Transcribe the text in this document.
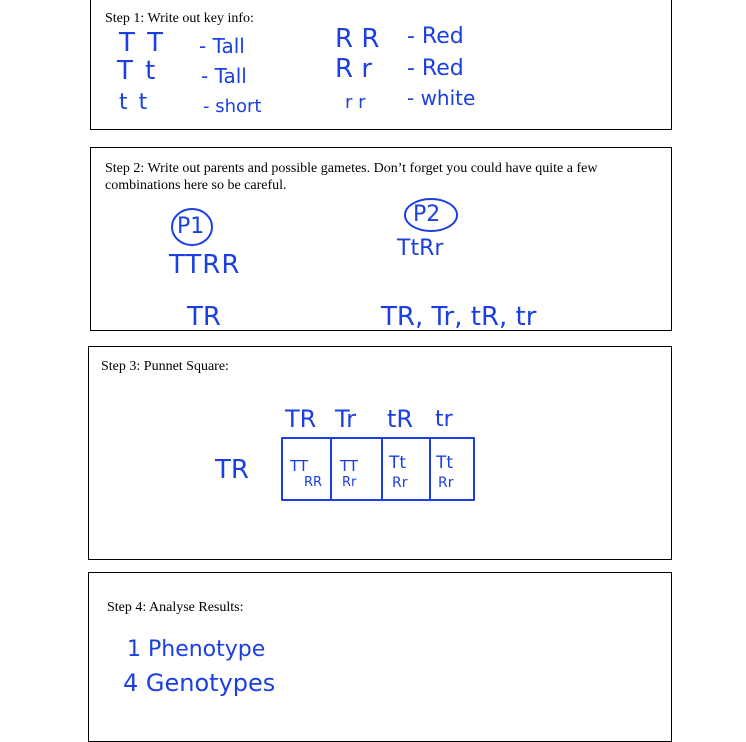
Step 1: Write out key info:
T T - Tall
T t - Tall
t t	- short
R R - Red
R r - Red
r r - white
Step 2: Write out parents and possible gametes. Don’t forget you could have quite a few combinations here so be careful.
P1
TTRR
TR
P2
TtRr
TR, Tr, tR, tr
Step 3: Punnet Square:
TR Tr tR tr
TR	TT
RR
TT
Rr
Tt
Rr
Tt
Rr
Step 4: Analyse Results:
1 Phenotype
4 Genotypes
